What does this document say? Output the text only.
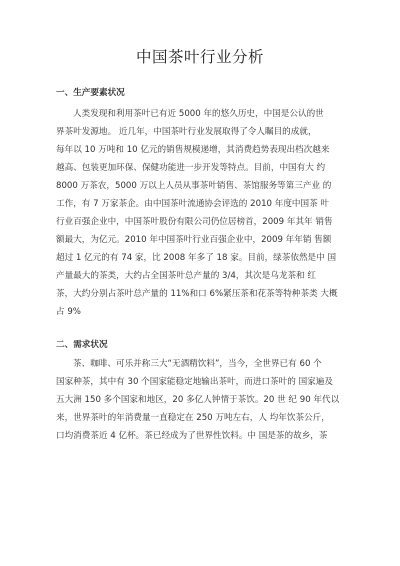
中国茶叶行业分析
一、生产要素状况

人类发现和利用茶叶已有近 5000 年的悠久历史，中国是公认的世
界茶叶发源地。 近几年，中国茶叶行业发展取得了令人瞩目的成就，
每年以 10 万吨和 10 亿元的销售规模递增，其消费趋势表现出档次越来
越高、包装更加环保、保健功能进一步开发等特点。目前，中国有大 约
8000 万茶农，5000 万以上人员从事茶叶销售、茶馆服务等第三产业 的
工作，有 7 万家茶企。由中国茶叶流通协会评选的 2010 年度中国茶 叶
行业百强企业中，中国茶叶股份有限公司仍位居榜首，2009 年其年 销售
额最大，为亿元。2010 年中国茶叶行业百强企业中，2009 年年销 售额
超过 1 亿元的有 74 家，比 2008 年多了 18 家。目前，绿茶依然是中 国
产量最大的茶类，大约占全国茶叶总产量的 3/4，其次是乌龙茶和 红
茶，大约分别占茶叶总产量的 11%和口 6%紧压茶和花茶等特种茶类 大概
占 9%

二、需求状况

茶、咖啡、可乐并称三大“无酒精饮料”，当今，全世界已有 60 个
国家种茶，其中有 30 个国家能稳定地输出茶叶，而进口茶叶的 国家遍及
五大洲 150 多个国家和地区，20 多亿人钟情于茶饮。20 世 纪 90 年代以
来，世界茶叶的年消费量一直稳定在 250 万吨左右，人 均年饮茶公斤，
口均消费茶近 4 亿杯。茶已经成为了世界性饮料。中 国是茶的故乡，茶
